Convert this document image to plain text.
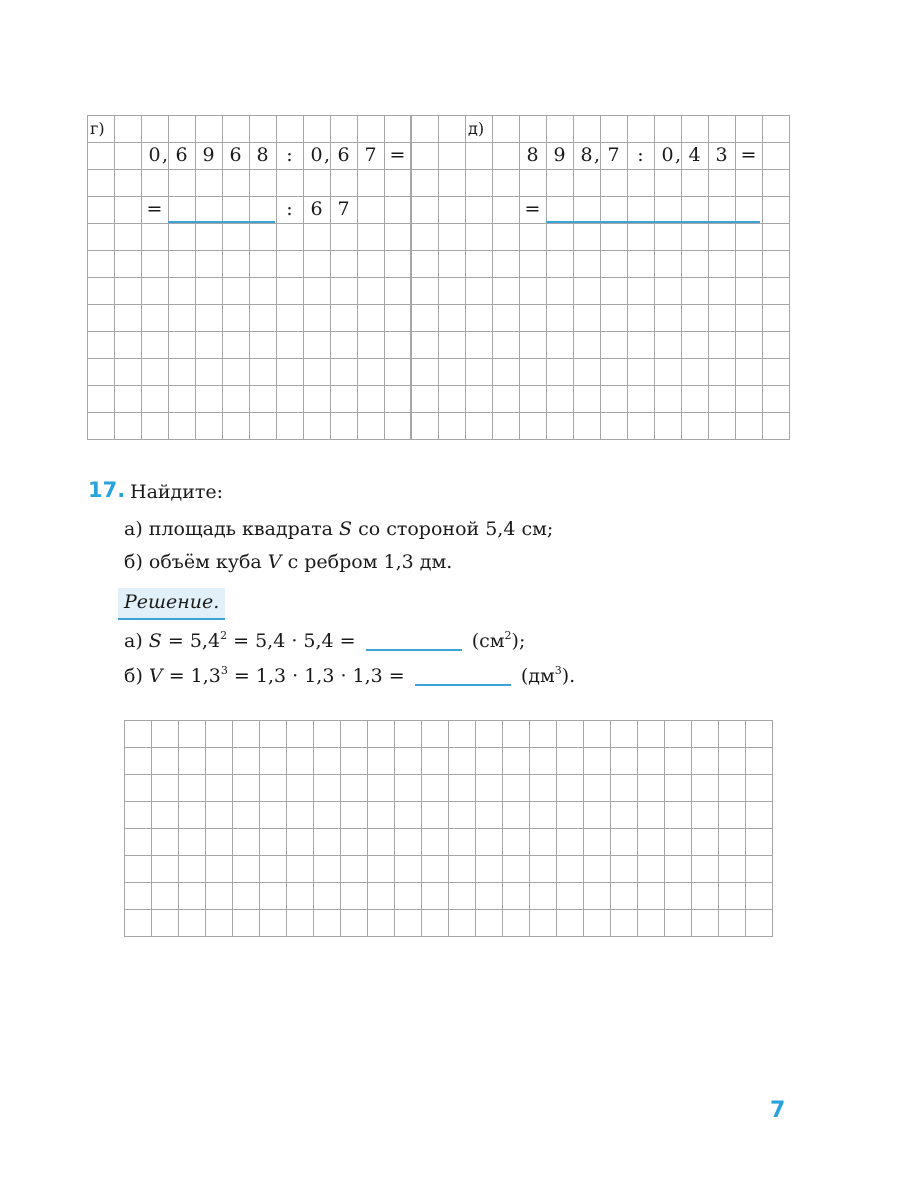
г)
0 , 6 9 6 8 : 0 , 6 7 =
=	: 6 7
д)
8 9 8 , 7 : 0 , 4 3 =
=
17. Найдите:
а) площадь квадрата S со стороной 5,4 см;
б) объём куба V с ребром 1,3 дм.
Решение.
а) $S = 5,4^2 = 5,4 \cdot 5,4$ =	$(см^2)$;
б) $V = 1,3^3 = 1,3 \cdot 1,3 \cdot 1,3$ =	$(дм^3)$.
7
